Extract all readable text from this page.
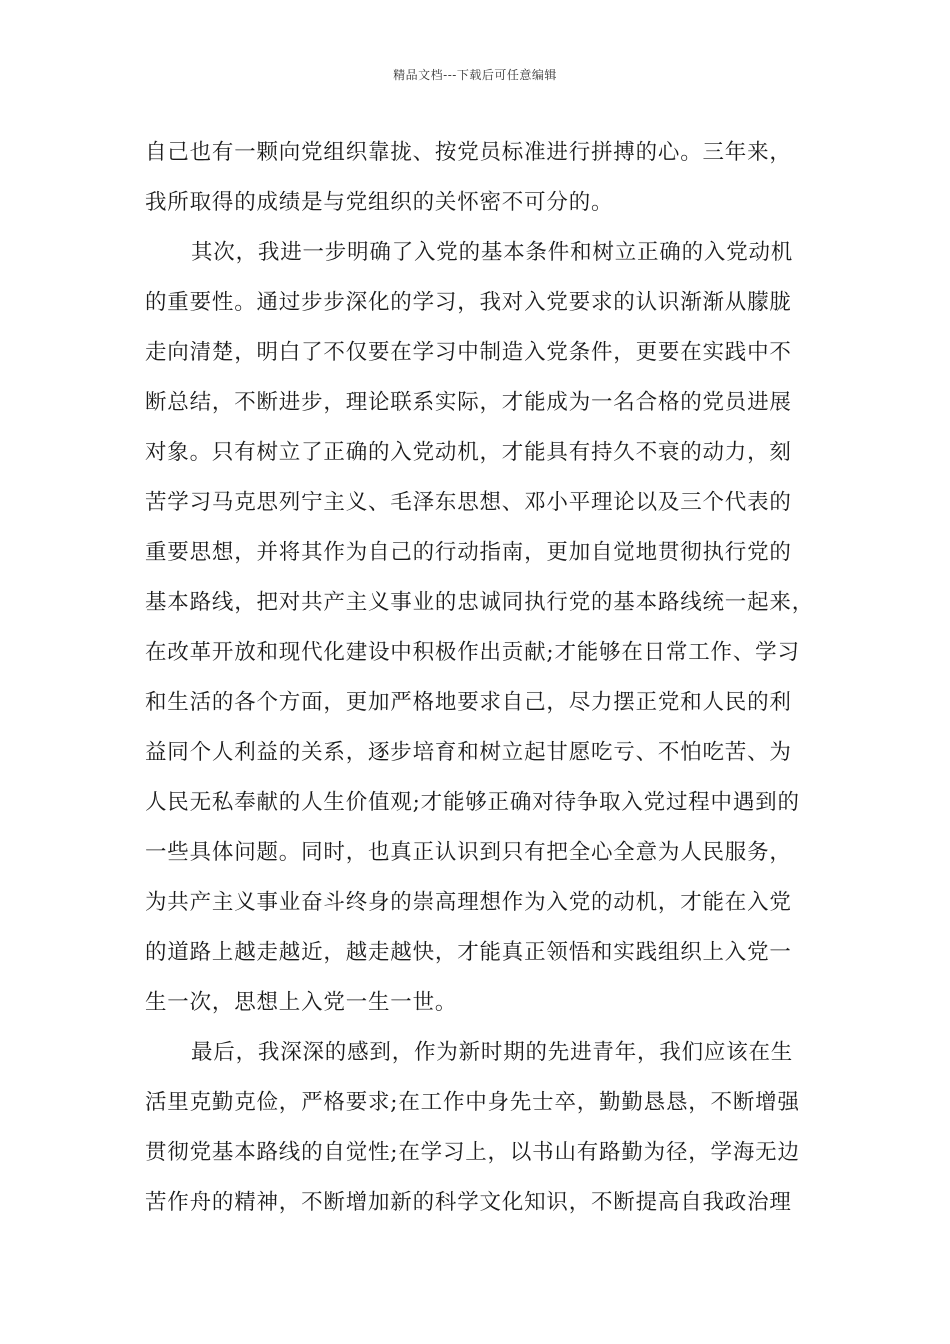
精品文档---下载后可任意编辑
自己也有一颗向党组织靠拢、按党员标准进行拼搏的心。三年来，
我所取得的成绩是与党组织的关怀密不可分的。
其次，我进一步明确了入党的基本条件和树立正确的入党动机
的重要性。通过步步深化的学习，我对入党要求的认识渐渐从朦胧
走向清楚，明白了不仅要在学习中制造入党条件，更要在实践中不
断总结，不断进步，理论联系实际，才能成为一名合格的党员进展
对象。只有树立了正确的入党动机，才能具有持久不衰的动力，刻
苦学习马克思列宁主义、毛泽东思想、邓小平理论以及三个代表的
重要思想，并将其作为自己的行动指南，更加自觉地贯彻执行党的
基本路线，把对共产主义事业的忠诚同执行党的基本路线统一起来，
在改革开放和现代化建设中积极作出贡献;才能够在日常工作、学习
和生活的各个方面，更加严格地要求自己，尽力摆正党和人民的利
益同个人利益的关系，逐步培育和树立起甘愿吃亏、不怕吃苦、为
人民无私奉献的人生价值观;才能够正确对待争取入党过程中遇到的
一些具体问题。同时，也真正认识到只有把全心全意为人民服务，
为共产主义事业奋斗终身的崇高理想作为入党的动机，才能在入党
的道路上越走越近，越走越快，才能真正领悟和实践组织上入党一
生一次，思想上入党一生一世。
最后，我深深的感到，作为新时期的先进青年，我们应该在生
活里克勤克俭，严格要求;在工作中身先士卒，勤勤恳恳，不断增强
贯彻党基本路线的自觉性;在学习上，以书山有路勤为径，学海无边
苦作舟的精神，不断增加新的科学文化知识，不断提高自我政治理
